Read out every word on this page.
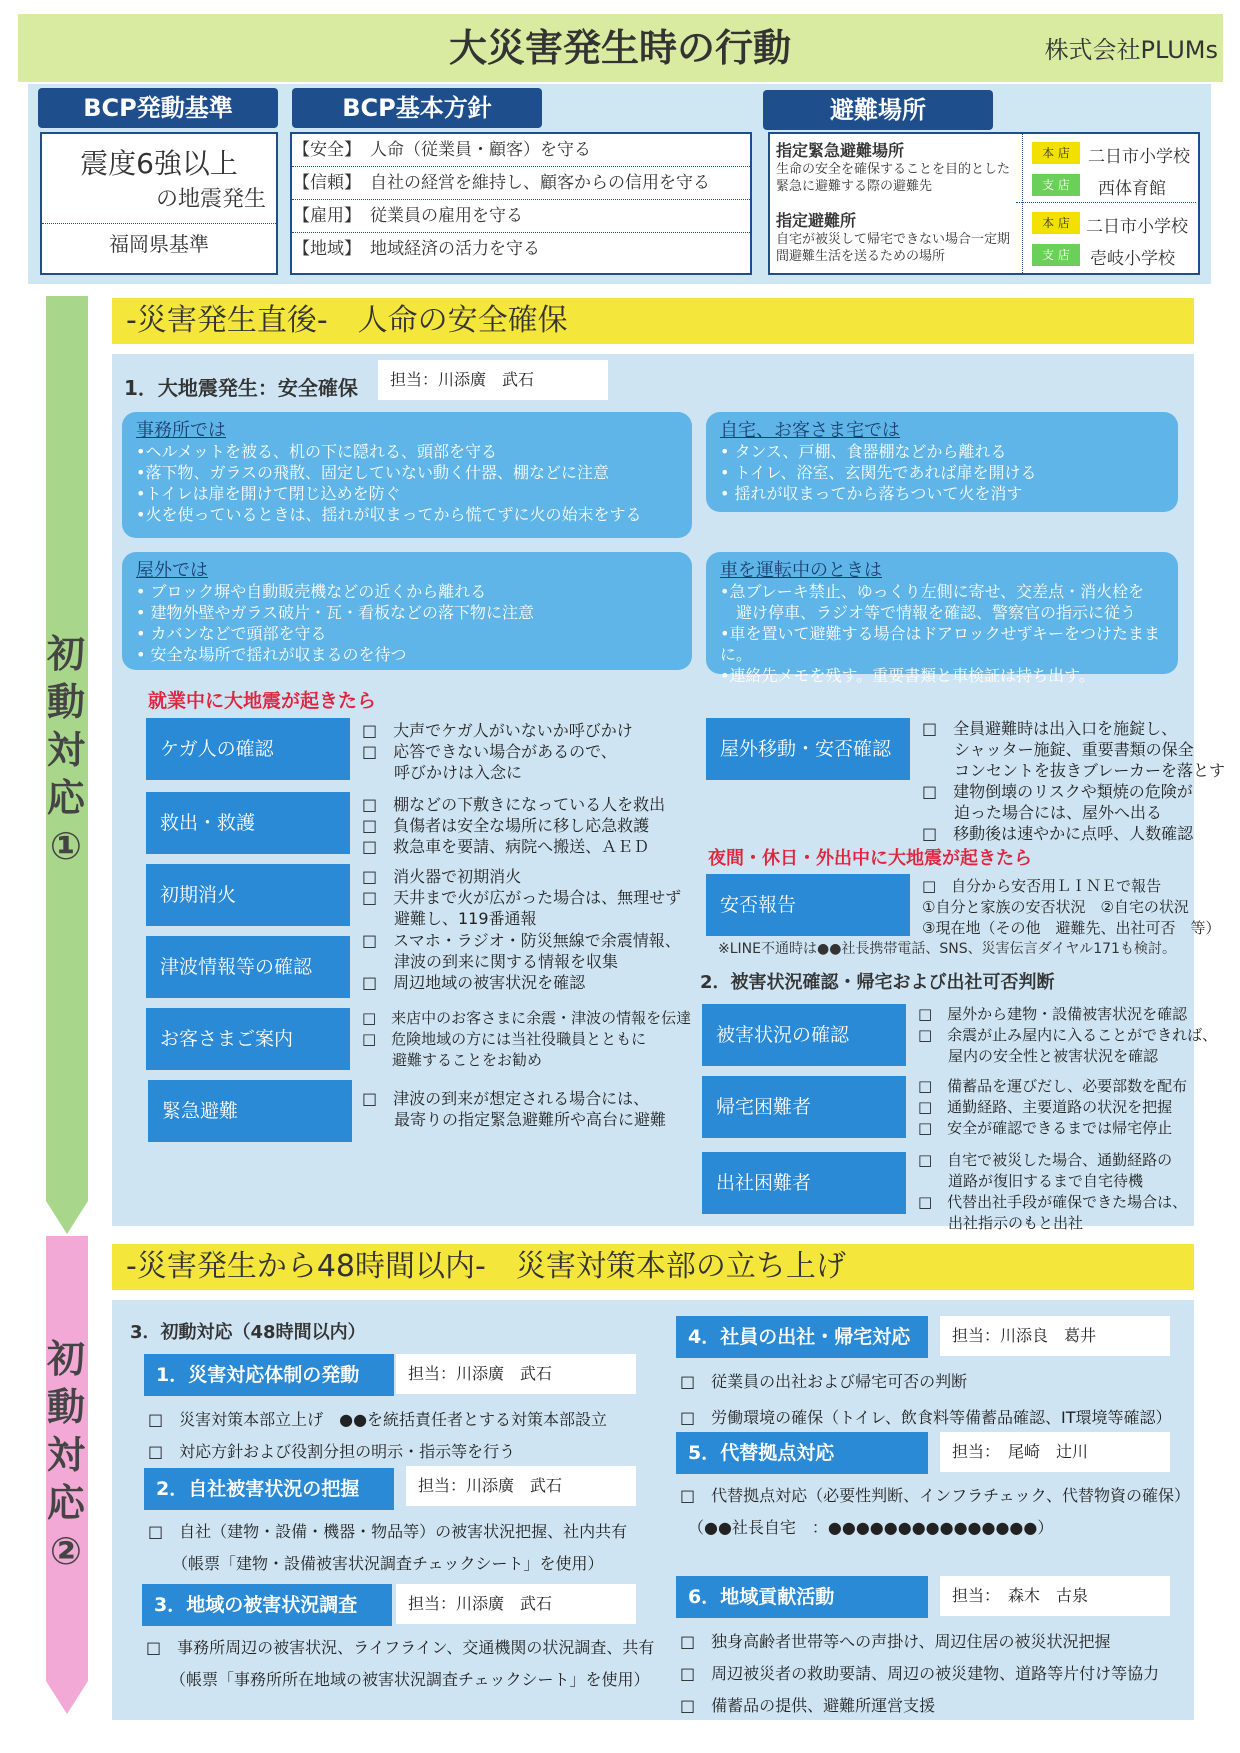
大災害発生時の行動	株式会社PLUMs
BCP発動基準	BCP基本方針	避難場所
震度6強以上
の地震発生
福岡県基準
【安全】 人命（従業員・顧客）を守る
【信頼】 自社の経営を維持し、顧客からの信用を守る
【雇用】 従業員の雇用を守る
【地域】 地域経済の活力を守る
指定緊急避難場所
生命の安全を確保することを目的とした緊急に避難する際の避難先
指定避難所
自宅が被災して帰宅できない場合一定期間避難生活を送るための場所
本 店	二日市小学校
支 店	西体育館
本 店 二日市小学校
支 店	壱岐小学校
初
動
対
応
①
初
動
対
応
②
-災害発生直後-　人命の安全確保
1．大地震発生：安全確保	担当：川添廣　武石
事務所では
•ヘルメットを被る、机の下に隠れる、頭部を守る
•落下物、ガラスの飛散、固定していない動く什器、棚などに注意
•トイレは扉を開けて閉じ込めを防ぐ
•火を使っているときは、揺れが収まってから慌てずに火の始末をする
自宅、お客さま宅では
• タンス、戸棚、食器棚などから離れる
• トイレ、浴室、玄関先であれば扉を開ける
• 揺れが収まってから落ちついて火を消す
屋外では
• ブロック塀や自動販売機などの近くから離れる
• 建物外壁やガラス破片・瓦・看板などの落下物に注意
• カバンなどで頭部を守る
• 安全な場所で揺れが収まるのを待つ
車を運転中のときは
•急ブレーキ禁止、ゆっくり左側に寄せ、交差点・消火栓を
　避け停車、ラジオ等で情報を確認、警察官の指示に従う
•車を置いて避難する場合はドアロックせずキーをつけたままに。
•連絡先メモを残す。重要書類と車検証は持ち出す。
就業中に大地震が起きたら
ケガ人の確認
□　大声でケガ人がいないか呼びかけ
□　応答できない場合があるので、
　　呼びかけは入念に
救出・救護
□　棚などの下敷きになっている人を救出
□　負傷者は安全な場所に移し応急救護
□　救急車を要請、病院へ搬送、ＡＥＤ
初期消火
□　消火器で初期消火
□　天井まで火が広がった場合は、無理せず
　　避難し、119番通報
津波情報等の確認
□　スマホ・ラジオ・防災無線で余震情報、
　　津波の到来に関する情報を収集
□　周辺地域の被害状況を確認
お客さまご案内
□　来店中のお客さまに余震・津波の情報を伝達
□　危険地域の方には当社役職員とともに
　　避難することをお勧め
緊急避難
□　津波の到来が想定される場合には、
　　最寄りの指定緊急避難所や高台に避難
屋外移動・安否確認
□　全員避難時は出入口を施錠し、
　　シャッター施錠、重要書類の保全
　　コンセントを抜きブレーカーを落とす
□　建物倒壊のリスクや類焼の危険が
　　迫った場合には、屋外へ出る
□　移動後は速やかに点呼、人数確認
夜間・休日・外出中に大地震が起きたら
安否報告
□　自分から安否用ＬＩＮＥで報告
①自分と家族の安否状況　②自宅の状況
③現在地（その他　避難先、出社可否　等）
※LINE不通時は●●社長携帯電話、SNS、災害伝言ダイヤル171も検討。
2．被害状況確認・帰宅および出社可否判断
被害状況の確認
□　屋外から建物・設備被害状況を確認
□　余震が止み屋内に入ることができれば、
　　屋内の安全性と被害状況を確認
帰宅困難者
□　備蓄品を運びだし、必要部数を配布
□　通勤経路、主要道路の状況を把握
□　安全が確認できるまでは帰宅停止
出社困難者
□　自宅で被災した場合、通勤経路の
　　道路が復旧するまで自宅待機
□　代替出社手段が確保できた場合は、
　　出社指示のもと出社
-災害発生から48時間以内-　災害対策本部の立ち上げ
3．初動対応（48時間以内）
1．災害対応体制の発動	担当：川添廣　武石
□　災害対策本部立上げ　●●を統括責任者とする対策本部設立
□　対応方針および役割分担の明示・指示等を行う
2．自社被害状況の把握	担当：川添廣　武石
□　自社（建物・設備・機器・物品等）の被害状況把握、社内共有
　　（帳票「建物・設備被害状況調査チェックシート」を使用）
3．地域の被害状況調査	担当：川添廣　武石
□　事務所周辺の被害状況、ライフライン、交通機関の状況調査、共有
　　（帳票「事務所所在地域の被害状況調査チェックシート」を使用）
4．社員の出社・帰宅対応	担当：川添良　葛井
□　従業員の出社および帰宅可否の判断
□　労働環境の確保（トイレ、飲食料等備蓄品確認、IT環境等確認）
5．代替拠点対応	担当：　尾崎　辻川
□　代替拠点対応（必要性判断、インフラチェック、代替物資の確保）
　（●●社長自宅　：●●●●●●●●●●●●●●●）
6．地域貢献活動	担当：　森木　古泉
□　独身高齢者世帯等への声掛け、周辺住居の被災状況把握
□　周辺被災者の救助要請、周辺の被災建物、道路等片付け等協力
□　備蓄品の提供、避難所運営支援
